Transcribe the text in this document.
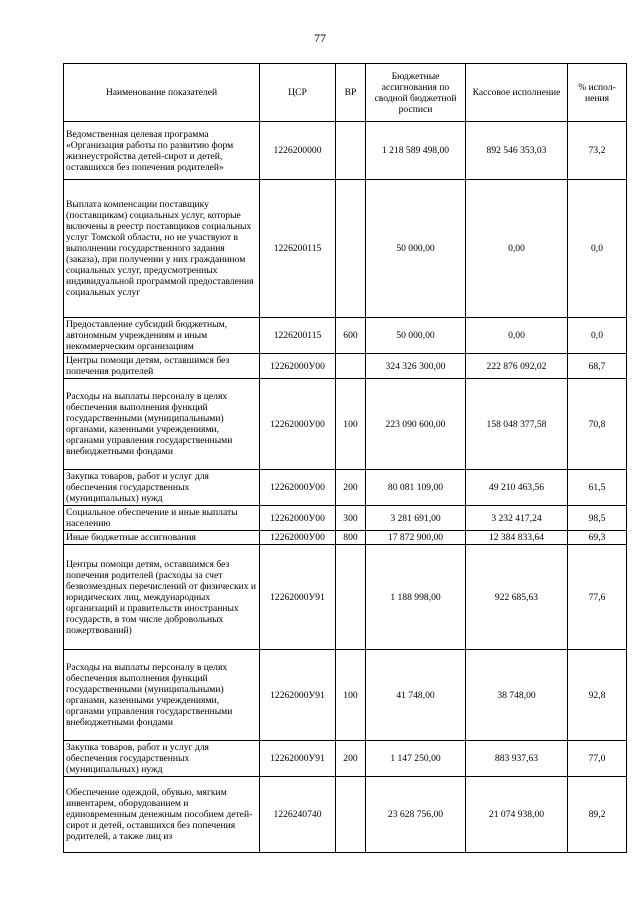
77
Наименование показателей	ЦСР	ВР	Бюджетные ассигнования по сводной бюджетной росписи	Кассовое исполнение	% испол-нения
Ведомственная целевая программа «Организация работы по развитию форм жизнеустройства детей-сирот и детей, оставшихся без попечения родителей»	1226200000		1 218 589 498,00	892 546 353,03	73,2
Выплата компенсации поставщику (поставщикам) социальных услуг, которые включены в реестр поставщиков социальных услуг Томской области, но не участвуют в выполнении государственного задания (заказа), при получении у них гражданином социальных услуг, предусмотренных индивидуальной программой предоставления социальных услуг	1226200115		50 000,00	0,00	0,0
Предоставление субсидий бюджетным, автономным учреждениям и иным некоммерческим организациям	1226200115	600	50 000,00	0,00	0,0
Центры помощи детям, оставшимся без попечения родителей	12262000У00		324 326 300,00	222 876 092,02	68,7
Расходы на выплаты персоналу в целях обеспечения выполнения функций государственными (муниципальными) органами, казенными учреждениями, органами управления государственными внебюджетными фондами	12262000У00	100	223 090 600,00	158 048 377,58	70,8
Закупка товаров, работ и услуг для обеспечения государственных (муниципальных) нужд	12262000У00	200	80 081 109,00	49 210 463,56	61,5
Социальное обеспечение и иные выплаты населению	12262000У00	300	3 281 691,00	3 232 417,24	98,5
Иные бюджетные ассигнования	12262000У00	800	17 872 900,00	12 384 833,64	69,3
Центры помощи детям, оставшимся без попечения родителей (расходы за счет безвозмездных перечислений от физических и юридических лиц, международных организаций и правительств иностранных государств, в том числе добровольных пожертвований)	12262000У91		1 188 998,00	922 685,63	77,6
Расходы на выплаты персоналу в целях обеспечения выполнения функций государственными (муниципальными) органами, казенными учреждениями, органами управления государственными внебюджетными фондами	12262000У91	100	41 748,00	38 748,00	92,8
Закупка товаров, работ и услуг для обеспечения государственных (муниципальных) нужд	12262000У91	200	1 147 250,00	883 937,63	77,0
Обеспечение одеждой, обувью, мягким инвентарем, оборудованием и единовременным денежным пособием детей-сирот и детей, оставшихся без попечения родителей, а также лиц из	1226240740		23 628 756,00	21 074 938,00	89,2
